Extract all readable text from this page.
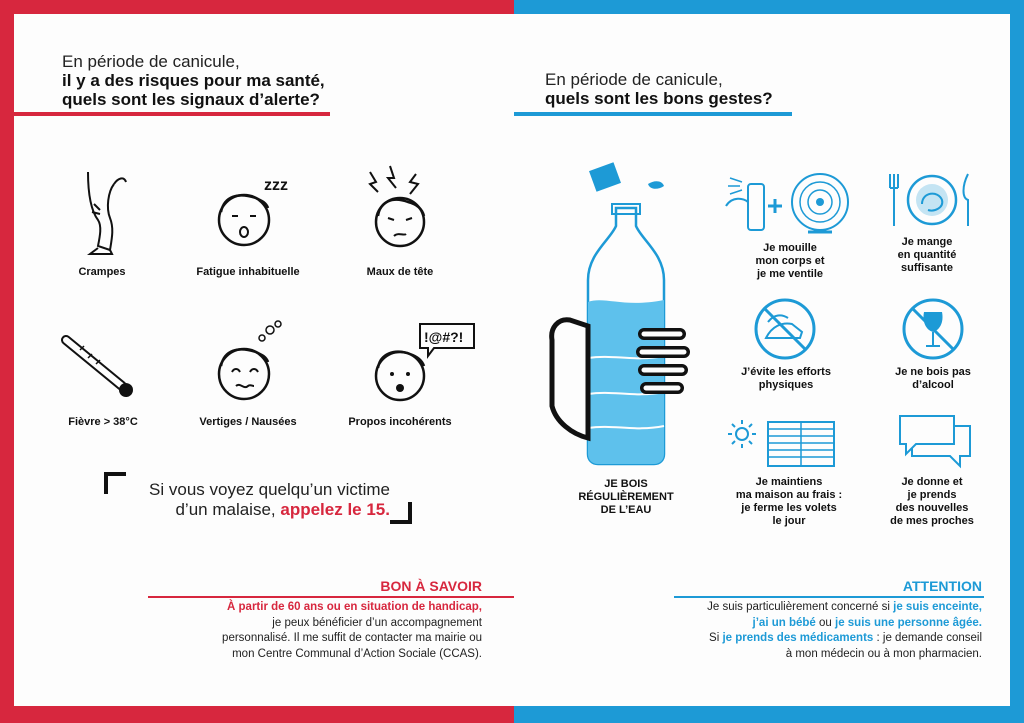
En période de canicule,
il y a des risques pour ma santé,
quels sont les signaux d’alerte?
Crampes
zzz
Fatigue inhabituelle	Maux de tête
Fièvre > 38°C	Vertiges / Nausées
!@#?!
Propos incohérents
Si vous voyez quelqu’un victime
d’un malaise, appelez le 15.
BON À SAVOIR
À partir de 60 ans ou en situation de handicap,
je peux bénéficier d’un accompagnement
personnalisé. Il me suffit de contacter ma mairie ou
mon Centre Communal d’Action Sociale (CCAS).
En période de canicule,
quels sont les bons gestes?
JE BOIS
RÉGULIÈREMENT
DE L’EAU
Je mouille
mon corps et
je me ventile
Je mange
en quantité
suffisante
J’évite les efforts
physiques
Je ne bois pas
d’alcool
Je maintiens
ma maison au frais :
je ferme les volets
le jour
Je donne et
je prends
des nouvelles
de mes proches
ATTENTION
Je suis particulièrement concerné si je suis enceinte,
j’ai un bébé ou je suis une personne âgée.
Si je prends des médicaments : je demande conseil
à mon médecin ou à mon pharmacien.
